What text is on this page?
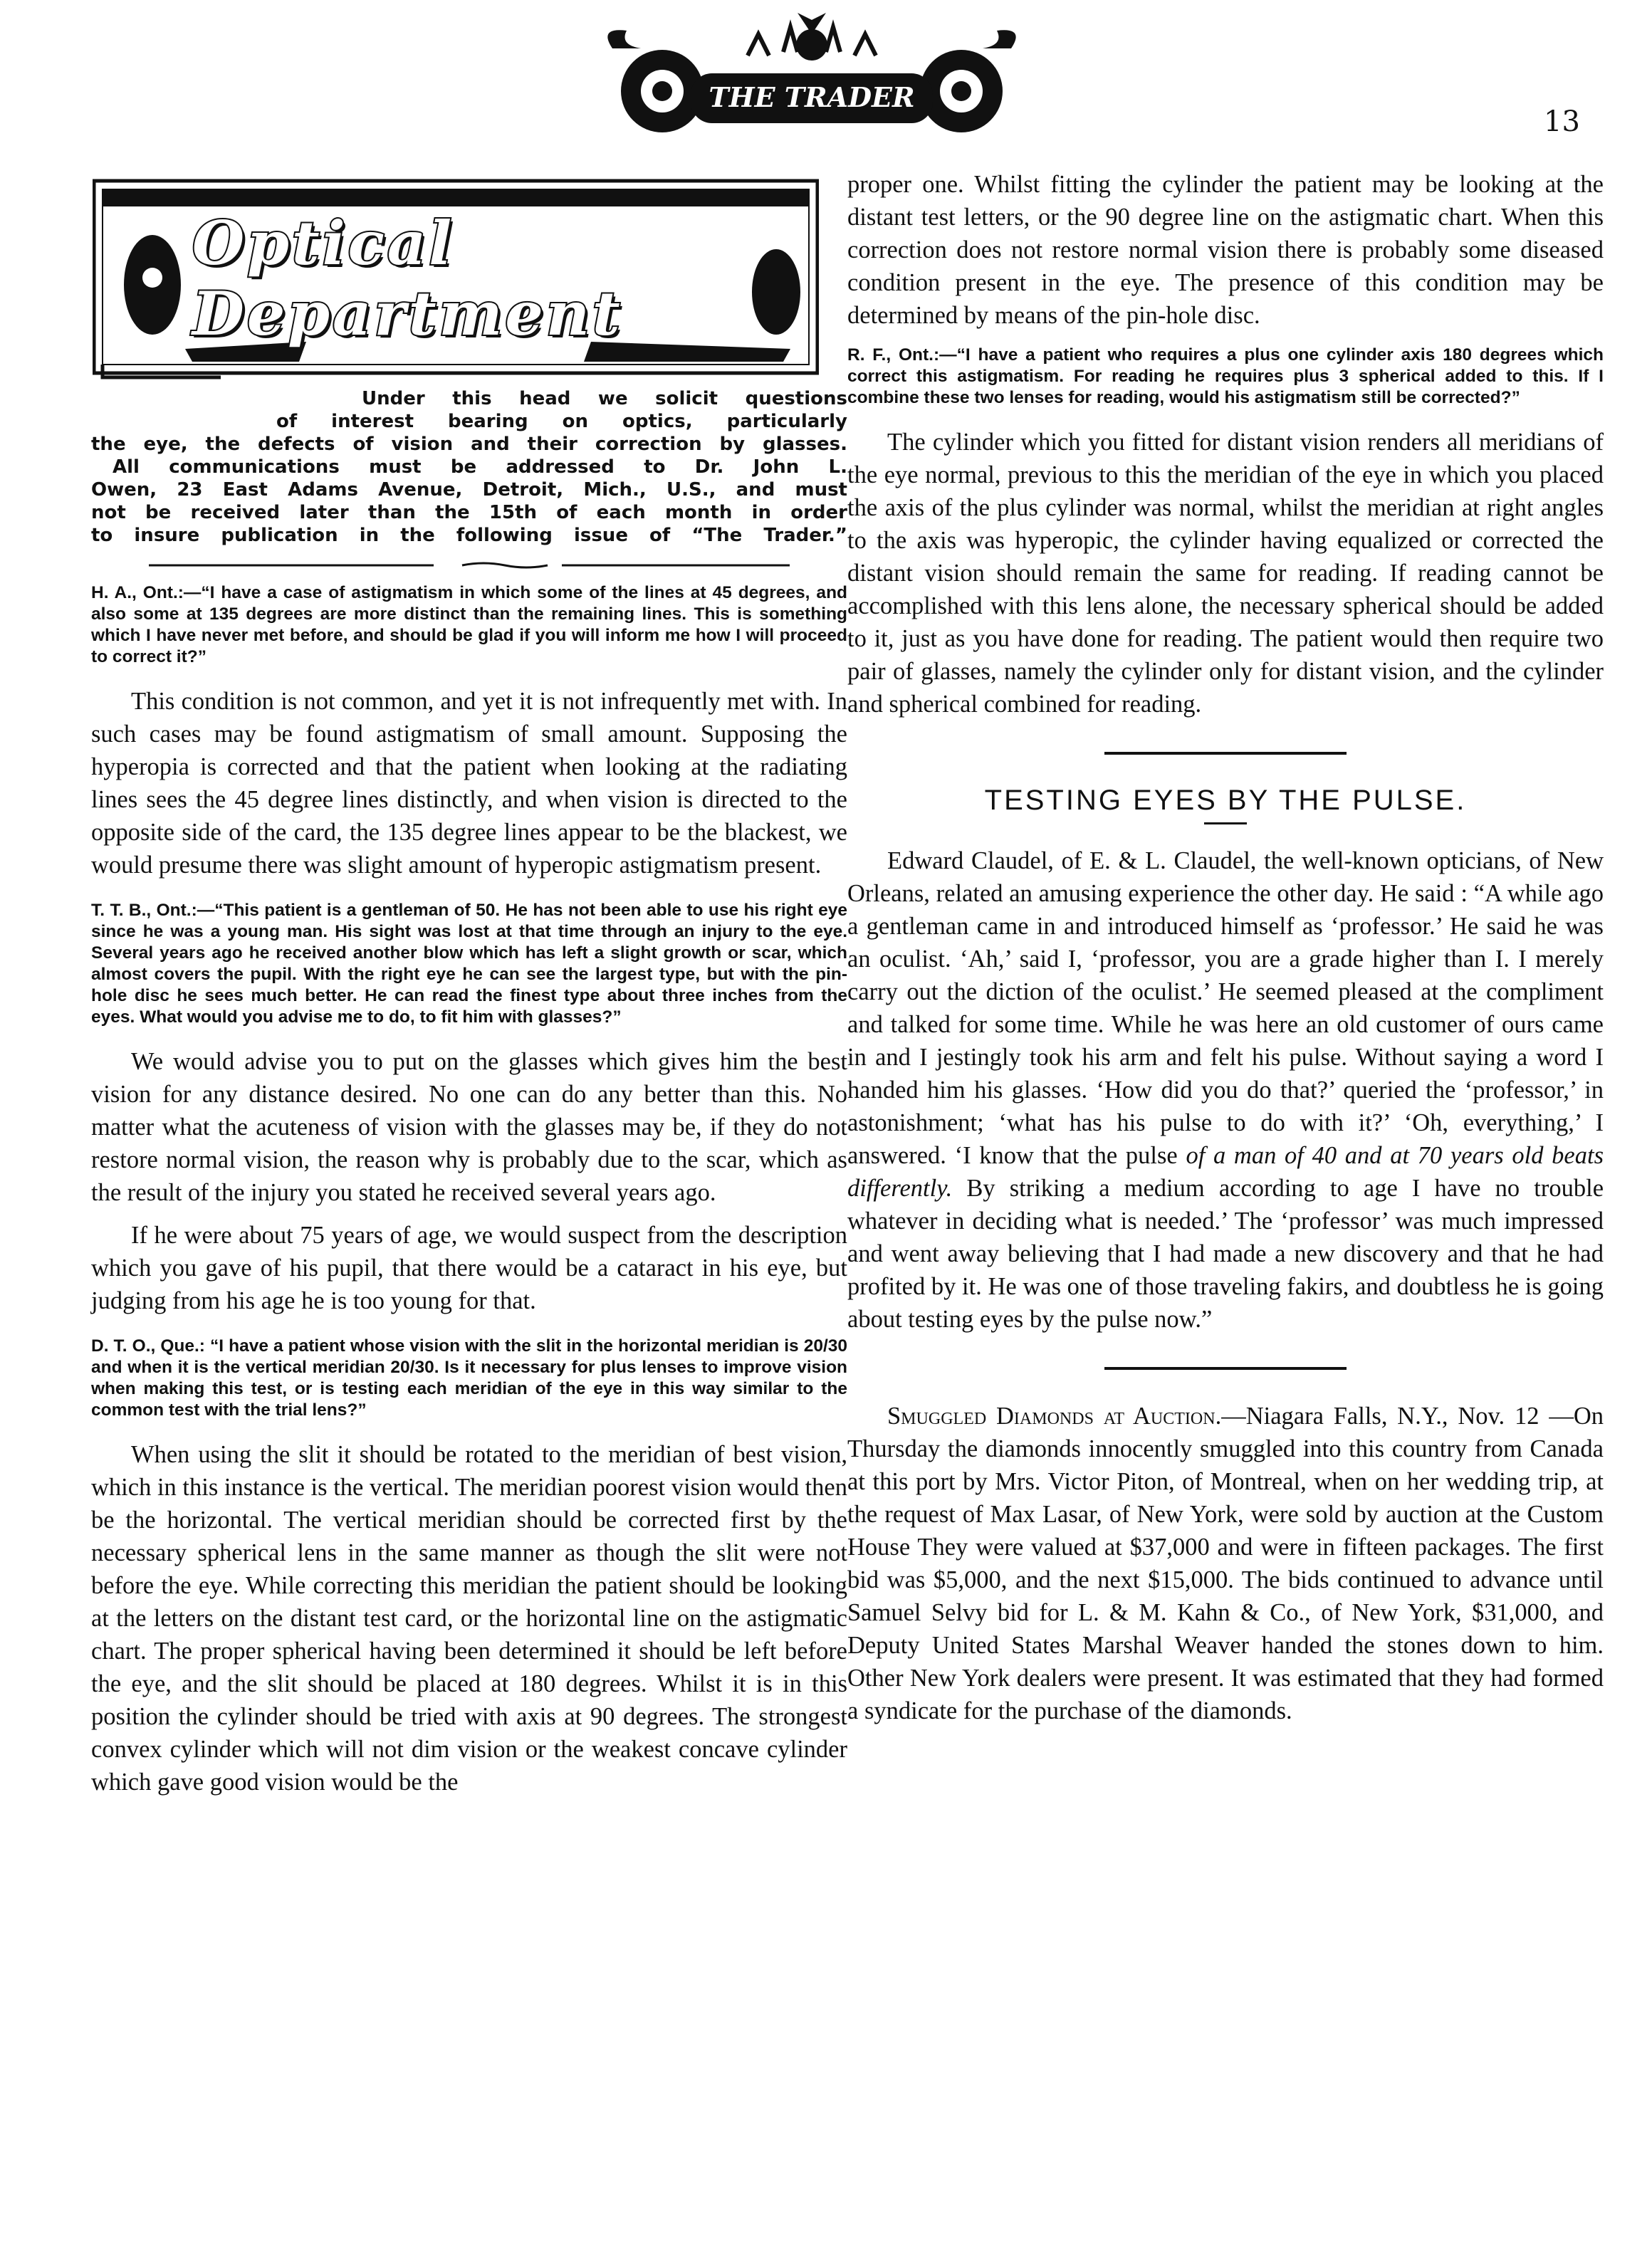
THE TRADER
13
Optical Department

Under this head we solicit questions

of interest bearing on optics, particularly

the eye, the defects of vision and their correction by glasses.

All communications must be addressed to Dr. John L.

Owen, 23 East Adams Avenue, Detroit, Mich., U.S., and must

not be received later than the 15th of each month in order

to insure publication in the following issue of “The Trader.”

H. A., Ont.:—“I have a case of astigmatism in which some of the lines at 45 degrees, and also some at 135 degrees are more distinct than the remaining lines. This is something which I have never met before, and should be glad if you will inform me how I will proceed to correct it?”

This condition is not common, and yet it is not infrequently met with. In such cases may be found astigmatism of small amount. Supposing the hyperopia is corrected and that the patient when looking at the radiating lines sees the 45 degree lines distinctly, and when vision is directed to the opposite side of the card, the 135 degree lines appear to be the blackest, we would presume there was slight amount of hyperopic astigmatism present.

T. T. B., Ont.:—“This patient is a gentleman of 50. He has not been able to use his right eye since he was a young man. His sight was lost at that time through an injury to the eye. Several years ago he received another blow which has left a slight growth or scar, which almost covers the pupil. With the right eye he can see the largest type, but with the pin-hole disc he sees much better. He can read the finest type about three inches from the eyes. What would you advise me to do, to fit him with glasses?”

We would advise you to put on the glasses which gives him the best vision for any distance desired. No one can do any better than this. No matter what the acuteness of vision with the glasses may be, if they do not restore normal vision, the reason why is probably due to the scar, which as the result of the injury you stated he received several years ago.

If he were about 75 years of age, we would suspect from the description which you gave of his pupil, that there would be a cataract in his eye, but judging from his age he is too young for that.

D. T. O., Que.: “I have a patient whose vision with the slit in the horizontal meridian is 20/30 and when it is the vertical meridian 20/30. Is it necessary for plus lenses to improve vision when making this test, or is testing each meridian of the eye in this way similar to the common test with the trial lens?”

When using the slit it should be rotated to the meridian of best vision, which in this instance is the vertical. The meridian poorest vision would then be the horizontal. The vertical meridian should be corrected first by the necessary spherical lens in the same manner as though the slit were not before the eye. While correcting this meridian the patient should be looking at the letters on the distant test card, or the horizontal line on the astigmatic chart. The proper spherical having been determined it should be left before the eye, and the slit should be placed at 180 degrees. Whilst it is in this position the cylinder should be tried with axis at 90 degrees. The strongest convex cylinder which will not dim vision or the weakest concave cylinder which gave good vision would be the

proper one. Whilst fitting the cylinder the patient may be looking at the distant test letters, or the 90 degree line on the astigmatic chart. When this correction does not restore normal vision there is probably some diseased condition present in the eye. The presence of this condition may be determined by means of the pin-hole disc.

R. F., Ont.:—“I have a patient who requires a plus one cylinder axis 180 degrees which correct this astigmatism. For reading he requires plus 3 spherical added to this. If I combine these two lenses for reading, would his astigmatism still be corrected?”

The cylinder which you fitted for distant vision renders all meridians of the eye normal, previous to this the meridian of the eye in which you placed the axis of the plus cylinder was normal, whilst the meridian at right angles to the axis was hyperopic, the cylinder having equalized or corrected the distant vision should remain the same for reading. If reading cannot be accomplished with this lens alone, the necessary spherical should be added to it, just as you have done for reading. The patient would then require two pair of glasses, namely the cylinder only for distant vision, and the cylinder and spherical combined for reading.

TESTING EYES BY THE PULSE.

Edward Claudel, of E. & L. Claudel, the well-known opticians, of New Orleans, related an amusing experience the other day. He said : “A while ago a gentleman came in and introduced himself as ‘professor.’ He said he was an oculist. ‘Ah,’ said I, ‘professor, you are a grade higher than I. I merely carry out the diction of the oculist.’ He seemed pleased at the compliment and talked for some time. While he was here an old customer of ours came in and I jestingly took his arm and felt his pulse. Without saying a word I handed him his glasses. ‘How did you do that?’ queried the ‘professor,’ in astonishment; ‘what has his pulse to do with it?’ ‘Oh, everything,’ I answered. ‘I know that the pulse of a man of 40 and at 70 years old beats differently. By striking a medium according to age I have no trouble whatever in deciding what is needed.’ The ‘professor’ was much impressed and went away believing that I had made a new discovery and that he had profited by it. He was one of those traveling fakirs, and doubtless he is going about testing eyes by the pulse now.”

Smuggled Diamonds at Auction.—Niagara Falls, N.Y., Nov. 12 —On Thursday the diamonds innocently smuggled into this country from Canada at this port by Mrs. Victor Piton, of Montreal, when on her wedding trip, at the request of Max Lasar, of New York, were sold by auction at the Custom House They were valued at $37,000 and were in fifteen packages. The first bid was $5,000, and the next $15,000. The bids continued to advance until Samuel Selvy bid for L. & M. Kahn & Co., of New York, $31,000, and Deputy United States Marshal Weaver handed the stones down to him. Other New York dealers were present. It was estimated that they had formed a syndicate for the purchase of the diamonds.
